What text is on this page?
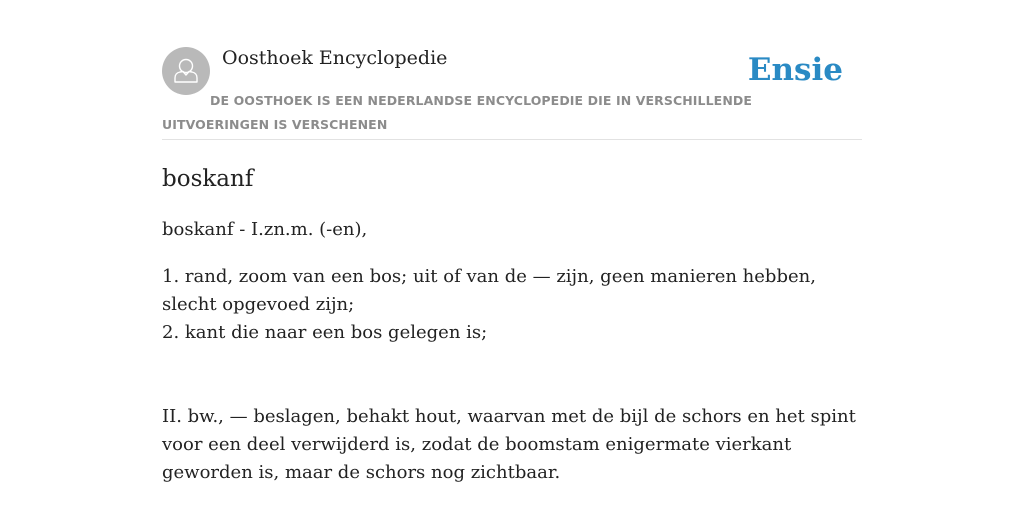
Oosthoek Encyclopedie	Ensie
DE OOSTHOEK IS EEN NEDERLANDSE ENCYCLOPEDIE DIE IN VERSCHILLENDE UITVOERINGEN IS VERSCHENEN
boskanf
boskanf - I.zn.m. (-en),
1. rand, zoom van een bos; uit of van de — zijn, geen manieren hebben, slecht opgevoed zijn;
2. kant die naar een bos gelegen is;
II. bw., — beslagen, behakt hout, waarvan met de bijl de schors en het spint voor een deel verwijderd is, zodat de boomstam enigermate vierkant geworden is, maar de schors nog zichtbaar.
